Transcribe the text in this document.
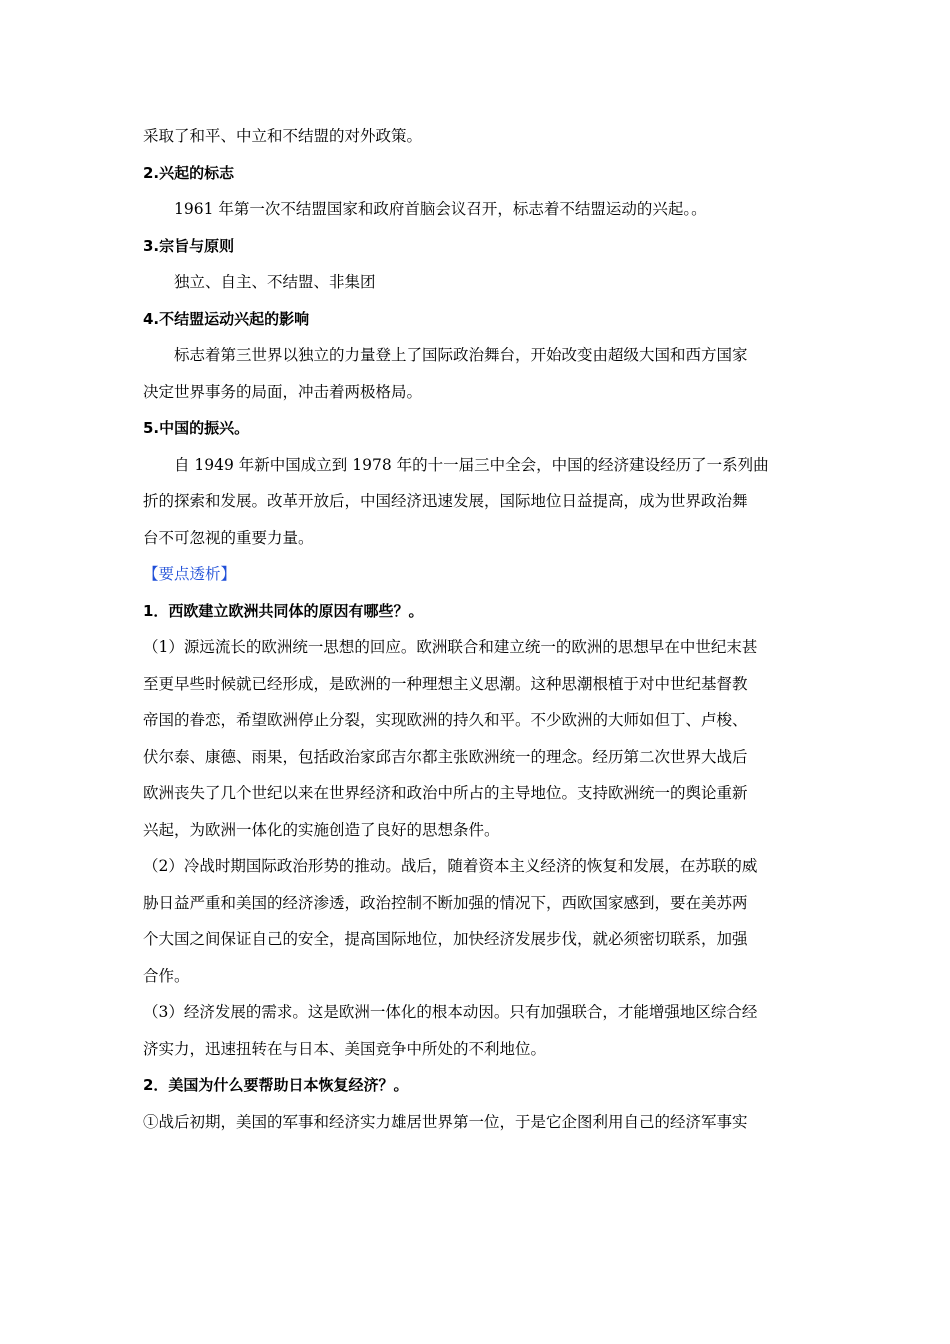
采取了和平、中立和不结盟的对外政策。
2.兴起的标志
1961 年第一次不结盟国家和政府首脑会议召开，标志着不结盟运动的兴起。。
3.宗旨与原则
独立、自主、不结盟、非集团
4.不结盟运动兴起的影响
标志着第三世界以独立的力量登上了国际政治舞台，开始改变由超级大国和西方国家
决定世界事务的局面，冲击着两极格局。
5.中国的振兴。
自 1949 年新中国成立到 1978 年的十一届三中全会，中国的经济建设经历了一系列曲
折的探索和发展。改革开放后，中国经济迅速发展，国际地位日益提高，成为世界政治舞
台不可忽视的重要力量。
【要点透析】
1．西欧建立欧洲共同体的原因有哪些？。
（1）源远流长的欧洲统一思想的回应。欧洲联合和建立统一的欧洲的思想早在中世纪末甚
至更早些时候就已经形成，是欧洲的一种理想主义思潮。这种思潮根植于对中世纪基督教
帝国的眷恋，希望欧洲停止分裂，实现欧洲的持久和平。不少欧洲的大师如但丁、卢梭、
伏尔泰、康德、雨果，包括政治家邱吉尔都主张欧洲统一的理念。经历第二次世界大战后
欧洲丧失了几个世纪以来在世界经济和政治中所占的主导地位。支持欧洲统一的舆论重新
兴起，为欧洲一体化的实施创造了良好的思想条件。
（2）冷战时期国际政治形势的推动。战后，随着资本主义经济的恢复和发展，在苏联的威
胁日益严重和美国的经济渗透，政治控制不断加强的情况下，西欧国家感到，要在美苏两
个大国之间保证自己的安全，提高国际地位，加快经济发展步伐，就必须密切联系，加强
合作。
（3）经济发展的需求。这是欧洲一体化的根本动因。只有加强联合，才能增强地区综合经
济实力，迅速扭转在与日本、美国竞争中所处的不利地位。
2．美国为什么要帮助日本恢复经济？。
①战后初期，美国的军事和经济实力雄居世界第一位，于是它企图利用自己的经济军事实
